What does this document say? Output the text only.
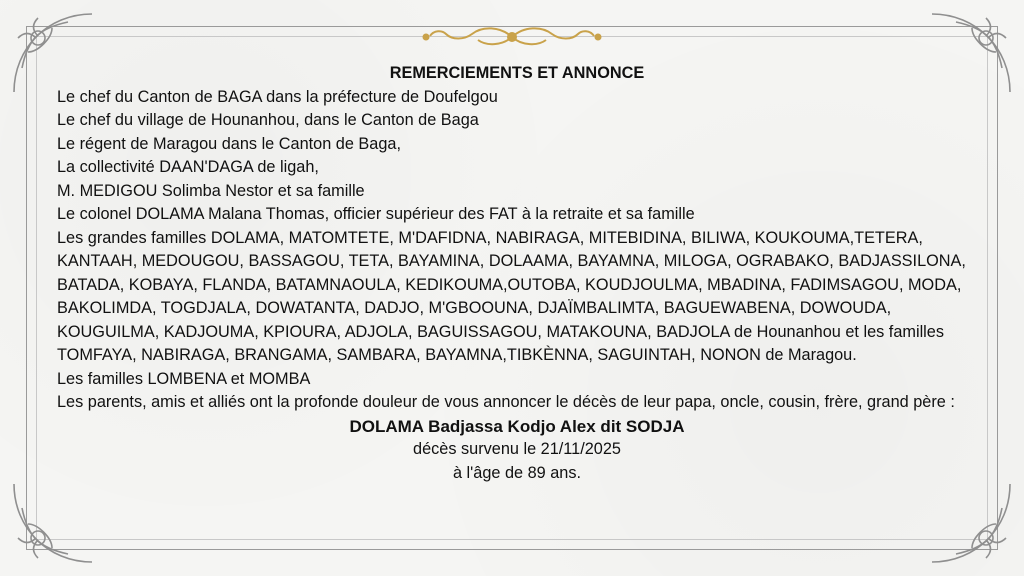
REMERCIEMENTS ET ANNONCE

Le chef du Canton de BAGA dans la préfecture de Doufelgou

Le chef du village de Hounanhou, dans le Canton de Baga

Le régent de Maragou dans le Canton de Baga,

La collectivité DAAN'DAGA de ligah,

M. MEDIGOU Solimba Nestor et sa famille

Le colonel DOLAMA Malana Thomas, officier supérieur des FAT à la retraite et sa famille

Les grandes familles DOLAMA, MATOMTETE, M'DAFIDNA, NABIRAGA, MITEBIDINA, BILIWA, KOUKOUMA,TETERA, KANTAAH, MEDOUGOU, BASSAGOU, TETA, BAYAMINA, DOLAAMA, BAYAMNA, MILOGA, OGRABAKO, BADJASSILONA, BATADA, KOBAYA, FLANDA, BATAMNAOULA, KEDIKOUMA,OUTOBA, KOUDJOULMA, MBADINA, FADIMSAGOU, MODA, BAKOLIMDA, TOGDJALA, DOWATANTA, DADJO, M'GBOOUNA, DJAÏMBALIMTA, BAGUEWABENA, DOWOUDA, KOUGUILMA, KADJOUMA, KPIOURA, ADJOLA, BAGUISSAGOU, MATAKOUNA, BADJOLA de Hounanhou et les familles TOMFAYA, NABIRAGA, BRANGAMA, SAMBARA, BAYAMNA,TIBKÈNNA, SAGUINTAH, NONON de Maragou.

Les familles LOMBENA et MOMBA

Les parents, amis et alliés ont la profonde douleur de vous annoncer le décès de leur papa, oncle, cousin, frère, grand père :

DOLAMA Badjassa Kodjo Alex dit SODJA

décès survenu le 21/11/2025

à l'âge de 89 ans.
